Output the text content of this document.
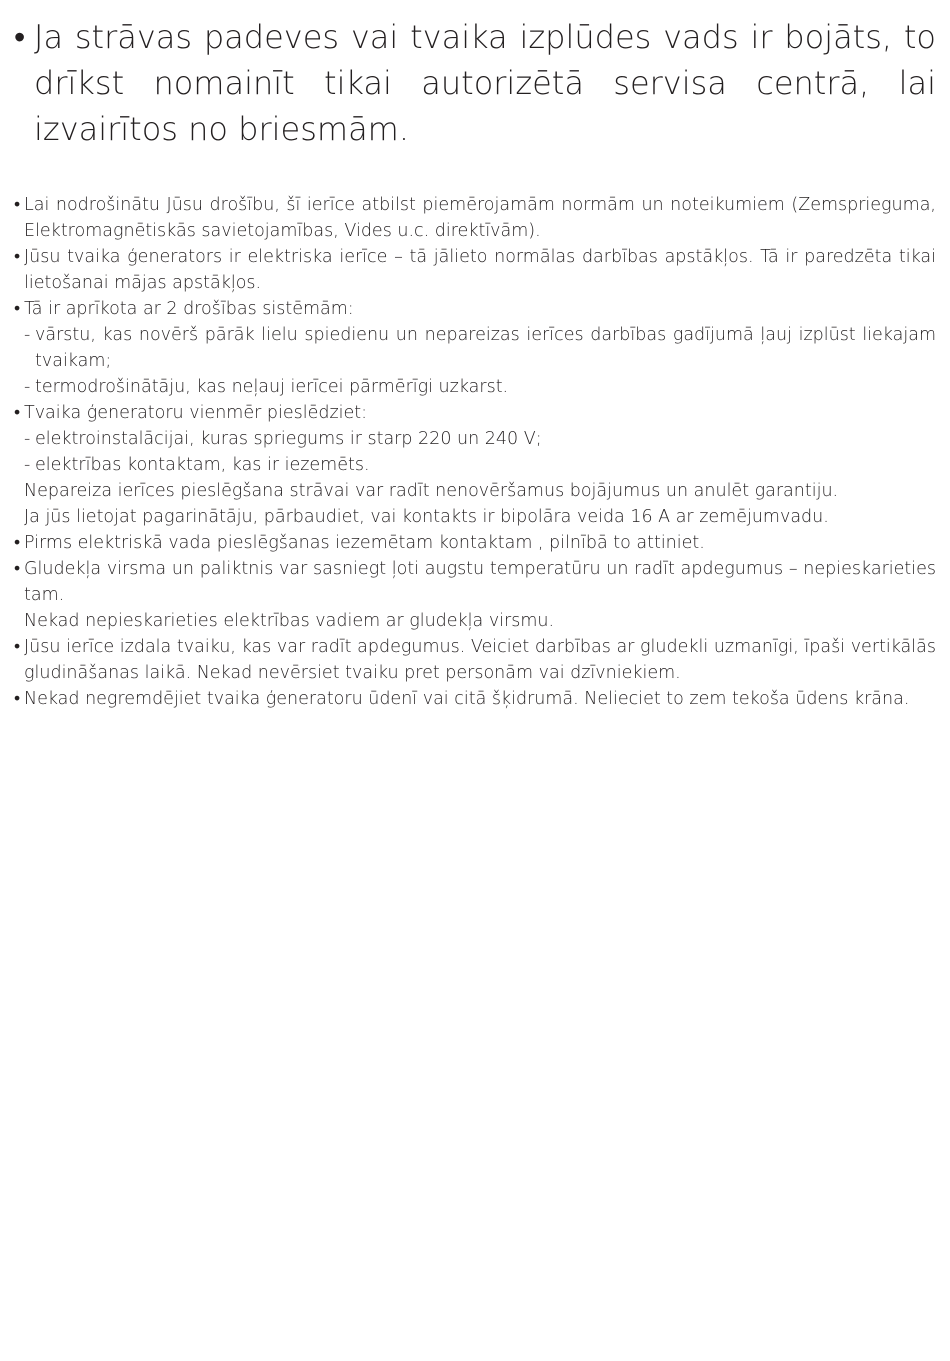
• Ja strāvas padeves vai tvaika izplūdes vads ir bojāts, to drīkst nomainīt tikai autorizētā servisa centrā, lai izvairītos no briesmām.
• Lai nodrošinātu Jūsu drošību, šī ierīce atbilst piemērojamām normām un noteikumiem (Zemsprieguma, Elektromagnētiskās savietojamības, Vides u.c. direktīvām).
• Jūsu tvaika ģenerators ir elektriska ierīce – tā jālieto normālas darbības apstākļos. Tā ir paredzēta tikai lietošanai mājas apstākļos.
• Tā ir aprīkota ar 2 drošības sistēmām:
- vārstu, kas novērš pārāk lielu spiedienu un nepareizas ierīces darbības gadījumā ļauj izplūst liekajam tvaikam;
- termodrošinātāju, kas neļauj ierīcei pārmērīgi uzkarst.
• Tvaika ģeneratoru vienmēr pieslēdziet:
- elektroinstalācijai, kuras spriegums ir starp 220 un 240 V;
- elektrības kontaktam, kas ir iezemēts.
Nepareiza ierīces pieslēgšana strāvai var radīt nenovēršamus bojājumus un anulēt garantiju.
Ja jūs lietojat pagarinātāju, pārbaudiet, vai kontakts ir bipolāra veida 16 A ar zemējumvadu.
• Pirms elektriskā vada pieslēgšanas iezemētam kontaktam , pilnībā to attiniet.
• Gludekļa virsma un paliktnis var sasniegt ļoti augstu temperatūru un radīt apdegumus – nepieskarieties tam.
Nekad nepieskarieties elektrības vadiem ar gludekļa virsmu.
• Jūsu ierīce izdala tvaiku, kas var radīt apdegumus. Veiciet darbības ar gludekli uzmanīgi, īpaši vertikālās gludināšanas laikā. Nekad nevērsiet tvaiku pret personām vai dzīvniekiem.
• Nekad negremdējiet tvaika ģeneratoru ūdenī vai citā šķidrumā. Nelieciet to zem tekoša ūdens krāna.
